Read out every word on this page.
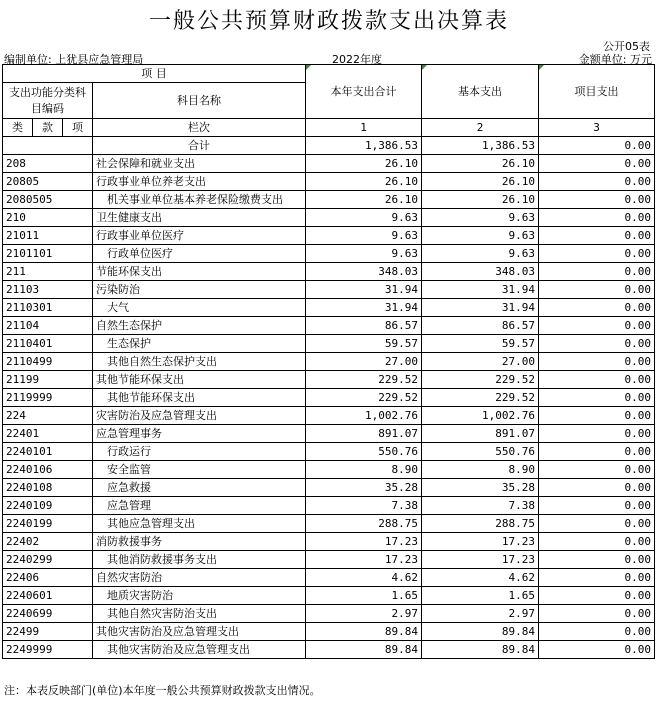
一般公共预算财政拨款支出决算表
公开05表
编制单位: 上犹县应急管理局	2022年度	金额单位: 万元
项 目				本年支出合计	基本支出	项目支出
支出功能分类科目编码			科目名称			

类	款	项				
			栏次	1	2	3
			合计	1,386.53	1,386.53	0.00
208			社会保障和就业支出	26.10	26.10	0.00
20805			行政事业单位养老支出	26.10	26.10	0.00
2080505			机关事业单位基本养老保险缴费支出	26.10	26.10	0.00
210			卫生健康支出	9.63	9.63	0.00
21011			行政事业单位医疗	9.63	9.63	0.00
2101101			行政单位医疗	9.63	9.63	0.00
211			节能环保支出	348.03	348.03	0.00
21103			污染防治	31.94	31.94	0.00
2110301			大气	31.94	31.94	0.00
21104			自然生态保护	86.57	86.57	0.00
2110401			生态保护	59.57	59.57	0.00
2110499			其他自然生态保护支出	27.00	27.00	0.00
21199			其他节能环保支出	229.52	229.52	0.00
2119999			其他节能环保支出	229.52	229.52	0.00
224			灾害防治及应急管理支出	1,002.76	1,002.76	0.00
22401			应急管理事务	891.07	891.07	0.00
2240101			行政运行	550.76	550.76	0.00
2240106			安全监管	8.90	8.90	0.00
2240108			应急救援	35.28	35.28	0.00
2240109			应急管理	7.38	7.38	0.00
2240199			其他应急管理支出	288.75	288.75	0.00
22402			消防救援事务	17.23	17.23	0.00
2240299			其他消防救援事务支出	17.23	17.23	0.00
22406			自然灾害防治	4.62	4.62	0.00
2240601			地质灾害防治	1.65	1.65	0.00
2240699			其他自然灾害防治支出	2.97	2.97	0.00
22499			其他灾害防治及应急管理支出	89.84	89.84	0.00
2249999			其他灾害防治及应急管理支出	89.84	89.84	0.00
注：本表反映部门(单位)本年度一般公共预算财政拨款支出情况。
